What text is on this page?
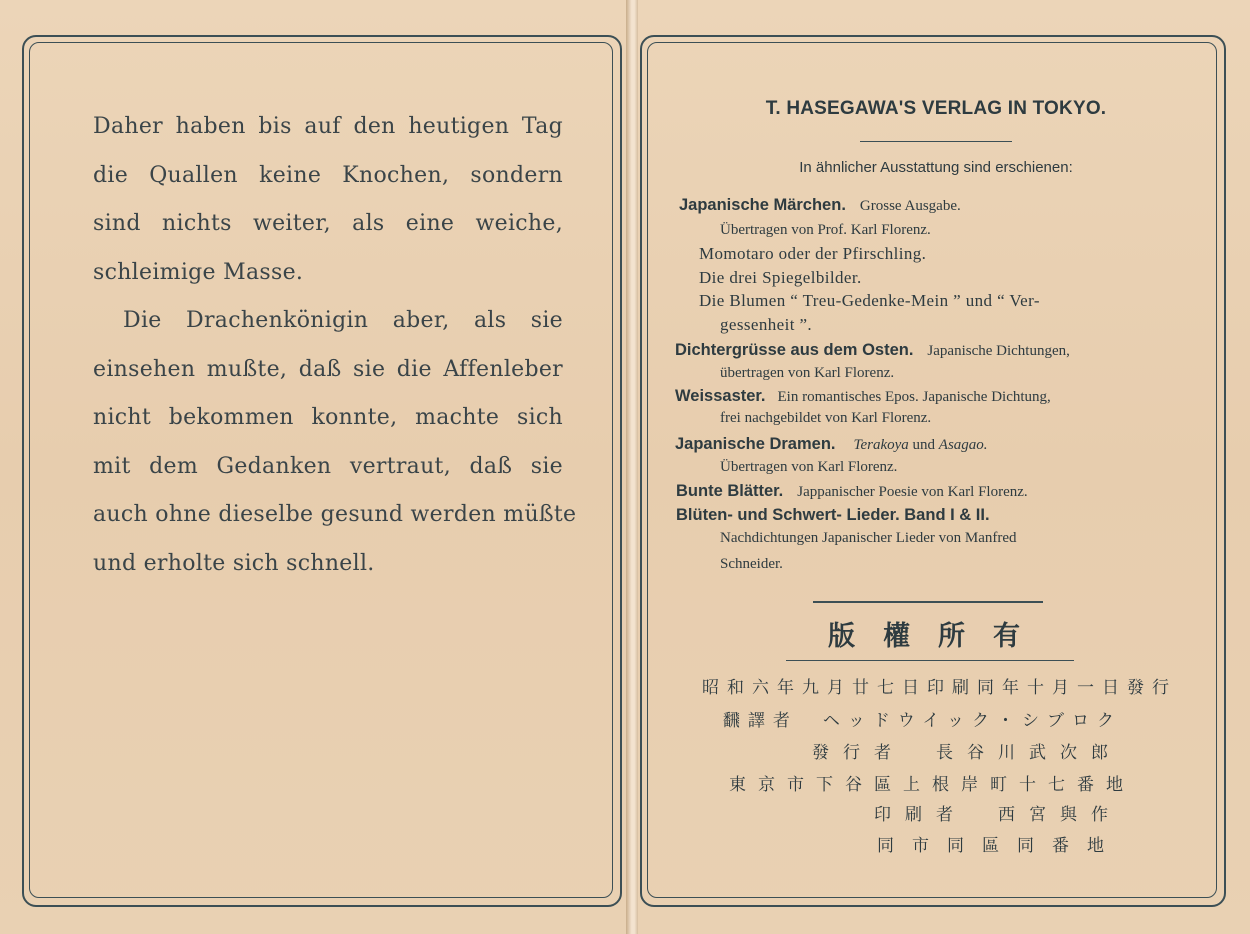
Daher haben bis auf den heutigen Tag
die Quallen keine Knochen, sondern
sind nichts weiter, als eine weiche,
schleimige Masse.
Die Drachenkönigin aber, als sie
einsehen mußte, daß sie die Affenleber
nicht bekommen konnte, machte sich
mit dem Gedanken vertraut, daß sie
auch ohne dieselbe gesund werden müßte
und erholte sich schnell.
T. HASEGAWA'S VERLAG IN TOKYO.
In ähnlicher Ausstattung sind erschienen:
Japanische Märchen. Grosse Ausgabe.
Übertragen von Prof. Karl Florenz.
Momotaro oder der Pfirschling.
Die drei Spiegelbilder.
Die Blumen “ Treu-Gedenke-Mein ” und “ Ver-
gessenheit ”.
Dichtergrüsse aus dem Osten. Japanische Dichtungen,
übertragen von Karl Florenz.
Weissaster. Ein romantisches Epos. Japanische Dichtung,
frei nachgebildet von Karl Florenz.
Japanische Dramen. Terakoya und Asagao.
Übertragen von Karl Florenz.
Bunte Blätter. Jappanischer Poesie von Karl Florenz.
Blüten- und Schwert- Lieder. Band I & II.
Nachdichtungen Japanischer Lieder von Manfred
Schneider.
版權所有
昭和六年九月廿七日印刷同年十月一日發行
飜譯者　ヘッドウイック・シブロク
發行者　長谷川武次郎
東京市下谷區上根岸町十七番地
印刷者　西宮與作
同市同區同番地
